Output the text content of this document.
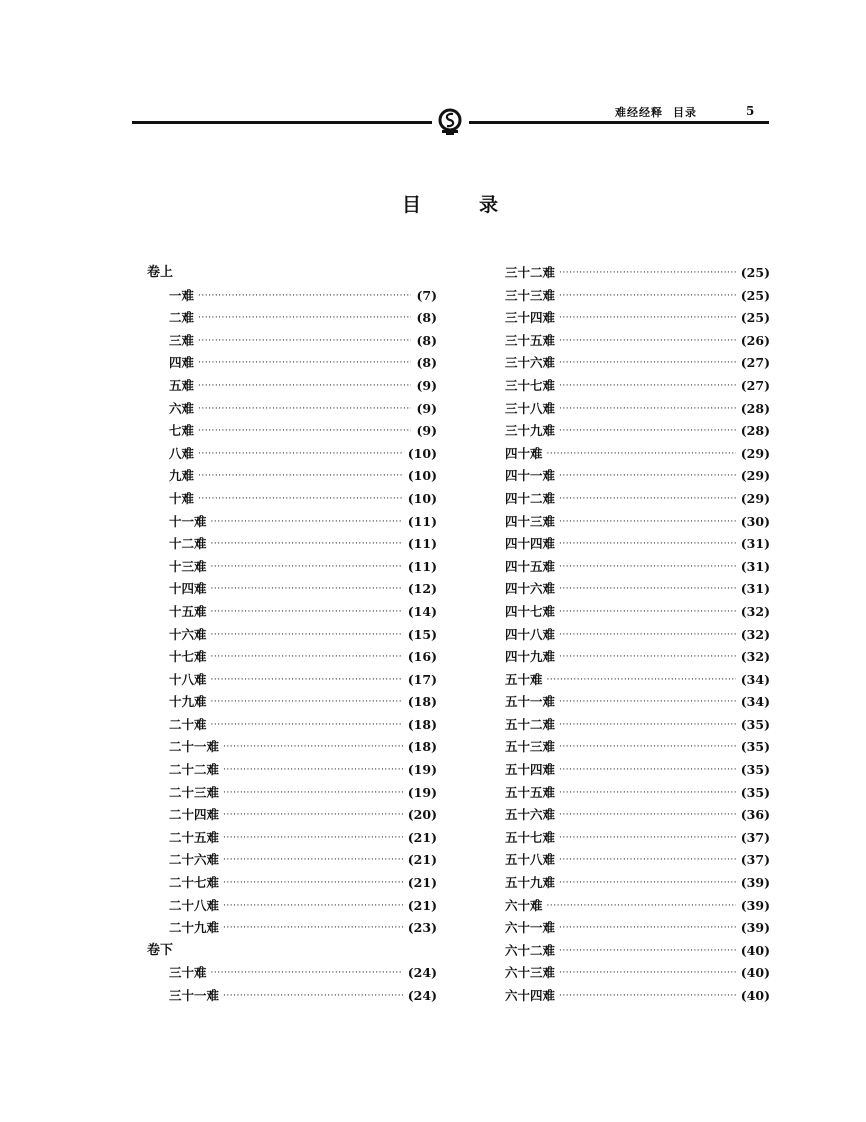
难经经释 目录	5
目	录
卷上
一难 ·····	(7)
二难 ·····	(8)
三难 ·····	(8)
四难 ·····	(8)
五难 ·····	(9)
六难 ·····	(9)
七难 ·····	(9)
八难 ·····	(10)
九难 ·····	(10)
十难 ·····	(10)
十一难 ·····	(11)
十二难 ·····	(11)
十三难 ·····	(11)
十四难 ·····	(12)
十五难 ·····	(14)
十六难 ·····	(15)
十七难 ·····	(16)
十八难 ·····	(17)
十九难 ·····	(18)
二十难 ·····	(18)
二十一难 ·····	(18)
二十二难 ·····	(19)
二十三难 ·····	(19)
二十四难 ·····	(20)
二十五难 ·····	(21)
二十六难 ·····	(21)
二十七难 ·····	(21)
二十八难 ·····	(21)
二十九难 ·····	(23)
卷下
三十难 ·····	(24)
三十一难 ·····	(24)
三十二难 ·····	(25)
三十三难 ·····	(25)
三十四难 ·····	(25)
三十五难 ·····	(26)
三十六难 ·····	(27)
三十七难 ·····	(27)
三十八难 ·····	(28)
三十九难 ·····	(28)
四十难 ·····	(29)
四十一难 ·····	(29)
四十二难 ·····	(29)
四十三难 ·····	(30)
四十四难 ·····	(31)
四十五难 ·····	(31)
四十六难 ·····	(31)
四十七难 ·····	(32)
四十八难 ·····	(32)
四十九难 ·····	(32)
五十难 ·····	(34)
五十一难 ·····	(34)
五十二难 ·····	(35)
五十三难 ·····	(35)
五十四难 ·····	(35)
五十五难 ·····	(35)
五十六难 ·····	(36)
五十七难 ·····	(37)
五十八难 ·····	(37)
五十九难 ·····	(39)
六十难 ·····	(39)
六十一难 ·····	(39)
六十二难 ·····	(40)
六十三难 ·····	(40)
六十四难 ·····	(40)
